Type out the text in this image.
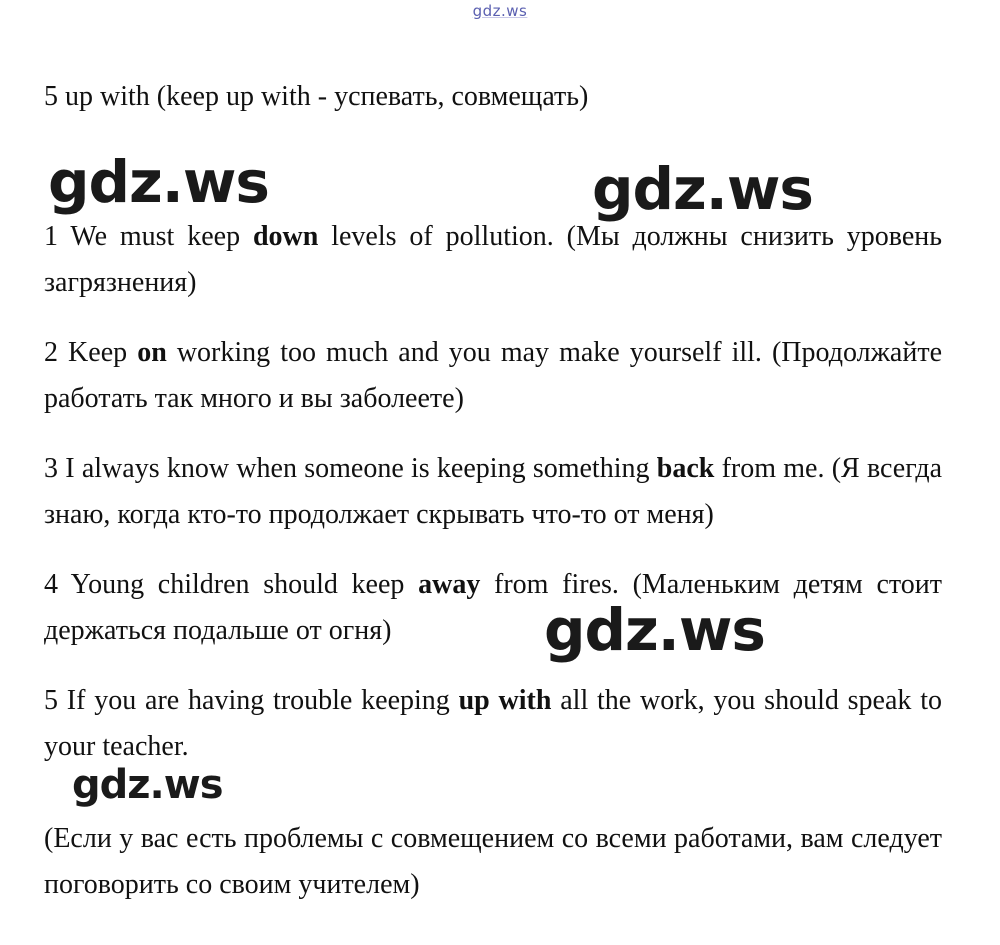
gdz.ws

5 up with (keep up with - успевать, совмещать)

1 We must keep down levels of pollution. (Мы должны снизить уровень загрязнения)

2 Keep on working too much and you may make yourself ill. (Продолжайте работать так много и вы заболеете)

3 I always know when someone is keeping something back from me. (Я всегда знаю, когда кто-то продолжает скрывать что-то от меня)

4 Young children should keep away from fires. (Маленьким детям стоит держаться подальше от огня)

5 If you are having trouble keeping up with all the work, you should speak to your teacher.

(Если у вас есть проблемы с совмещением со всеми работами, вам следует поговорить со своим учителем)

gdz.ws	gdz.ws
gdz.ws
gdz.ws
